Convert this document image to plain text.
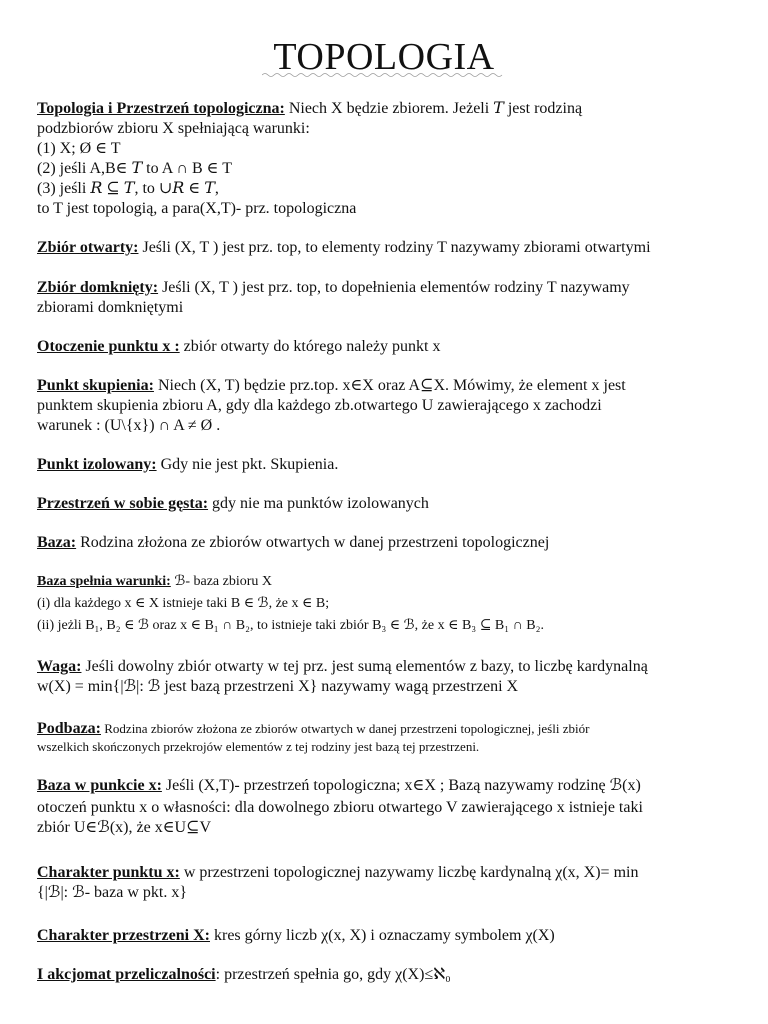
TOPOLOGIA
Topologia i Przestrzeń topologiczna: Niech X będzie zbiorem. Jeżeli 𝑇 jest rodziną
podzbiorów zbioru X spełniającą warunki:
(1) X; Ø ∈ T
(2) jeśli A,B∈ 𝑇 to A ∩ B ∈ T
(3) jeśli 𝑅 ⊆ 𝑇, to ∪𝑅 ∈ 𝑇,
to T jest topologią, a para(X,T)- prz. topologiczna
Zbiór otwarty: Jeśli (X, T ) jest prz. top, to elementy rodziny T nazywamy zbiorami otwartymi
Zbiór domknięty: Jeśli (X, T ) jest prz. top, to dopełnienia elementów rodziny T nazywamy
zbiorami domkniętymi
Otoczenie punktu x : zbiór otwarty do którego należy punkt x
Punkt skupienia: Niech (X, T) będzie prz.top. x∈X oraz A⊆X. Mówimy, że element x jest
punktem skupienia zbioru A, gdy dla każdego zb.otwartego U zawierającego x zachodzi
warunek : (U\{x}) ∩ A ≠ Ø .
Punkt izolowany: Gdy nie jest pkt. Skupienia.
Przestrzeń w sobie gęsta: gdy nie ma punktów izolowanych
Baza: Rodzina złożona ze zbiorów otwartych w danej przestrzeni topologicznej
Baza spełnia warunki: ℬ- baza zbioru X
(i) dla każdego x ∈ X istnieje taki B ∈ ℬ, że x ∈ B;
(ii) jeżli B₁, B₂ ∈ ℬ oraz x ∈ B₁ ∩ B₂, to istnieje taki zbiór B₃ ∈ ℬ, że x ∈ B₃ ⊆ B₁ ∩ B₂.
Waga: Jeśli dowolny zbiór otwarty w tej prz. jest sumą elementów z bazy, to liczbę kardynalną
w(X) = min{|ℬ|: ℬ jest bazą przestrzeni X} nazywamy wagą przestrzeni X
Podbaza: Rodzina zbiorów złożona ze zbiorów otwartych w danej przestrzeni topologicznej, jeśli zbiór
wszelkich skończonych przekrojów elementów z tej rodziny jest bazą tej przestrzeni.
Baza w punkcie x: Jeśli (X,T)- przestrzeń topologiczna; x∈X ; Bazą nazywamy rodzinę ℬ(x)
otoczeń punktu x o własności: dla dowolnego zbioru otwartego V zawierającego x istnieje taki
zbiór U∈ℬ(x), że x∈U⊆V
Charakter punktu x: w przestrzeni topologicznej nazywamy liczbę kardynalną χ(x, X)= min
{|ℬ|: ℬ- baza w pkt. x}
Charakter przestrzeni X: kres górny liczb χ(x, X) i oznaczamy symbolem χ(X)
I akcjomat przeliczalności: przestrzeń spełnia go, gdy χ(X)≤ℵ₀
